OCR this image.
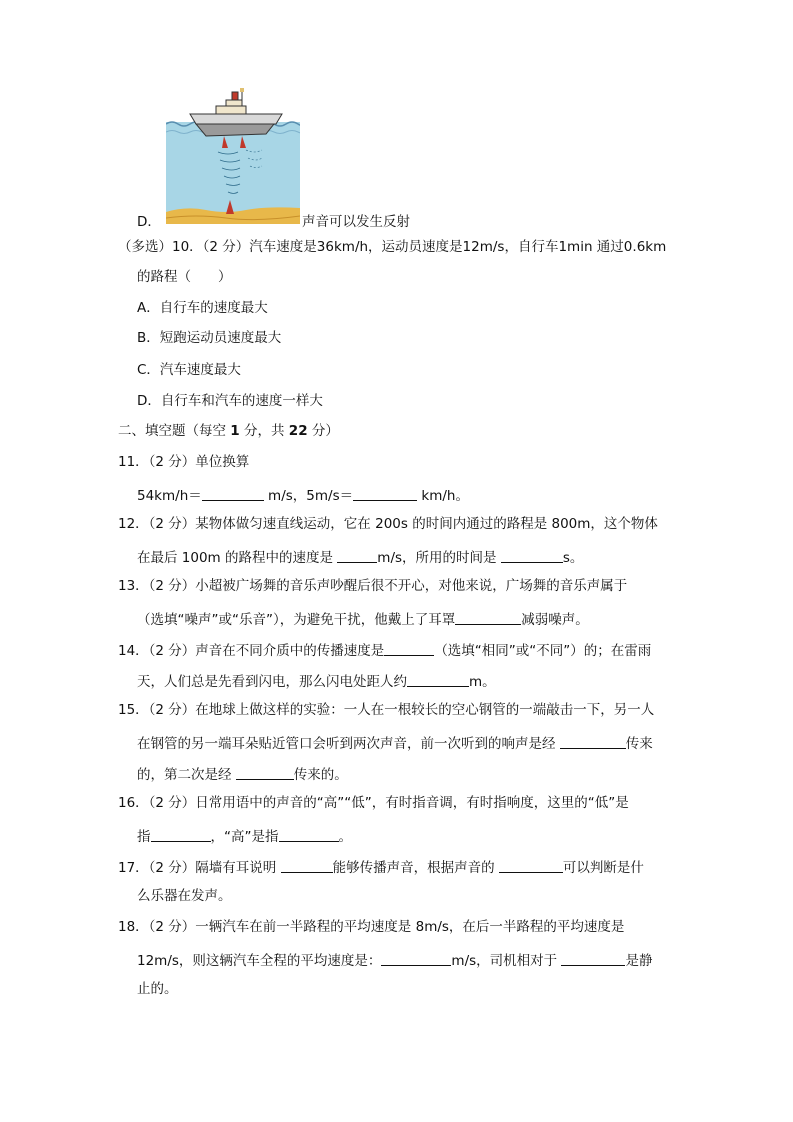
D．	声音可以发生反射
（多选）10．（2 分）汽车速度是36km/h，运动员速度是12m/s，自行车1min 通过0.6km
的路程（　　）
A．自行车的速度最大
B．短跑运动员速度最大
C．汽车速度最大
D．自行车和汽车的速度一样大
二、填空题（每空 1 分，共 22 分）
11．（2 分）单位换算
54km/h＝	m/s，5m/s＝	km/h。
12．（2 分）某物体做匀速直线运动，它在 200s 的时间内通过的路程是 800m，这个物体
在最后 100m 的路程中的速度是	m/s，所用的时间是	s。
13．（2 分）小超被广场舞的音乐声吵醒后很不开心，对他来说，广场舞的音乐声属于
（选填“噪声”或“乐音”），为避免干扰，他戴上了耳罩	减弱噪声。
14．（2 分）声音在不同介质中的传播速度是	（选填“相同”或“不同”）的；在雷雨
天，人们总是先看到闪电，那么闪电处距人约	m。
15．（2 分）在地球上做这样的实验：一人在一根较长的空心钢管的一端敲击一下，另一人
在钢管的另一端耳朵贴近管口会听到两次声音，前一次听到的响声是经	传来
的，第二次是经	传来的。
16．（2 分）日常用语中的声音的“高”“低”，有时指音调，有时指响度，这里的“低”是
指	，“高”是指	。
17．（2 分）隔墙有耳说明	能够传播声音，根据声音的	可以判断是什
么乐器在发声。
18．（2 分）一辆汽车在前一半路程的平均速度是 8m/s，在后一半路程的平均速度是
12m/s，则这辆汽车全程的平均速度是：	m/s，司机相对于	是静
止的。
